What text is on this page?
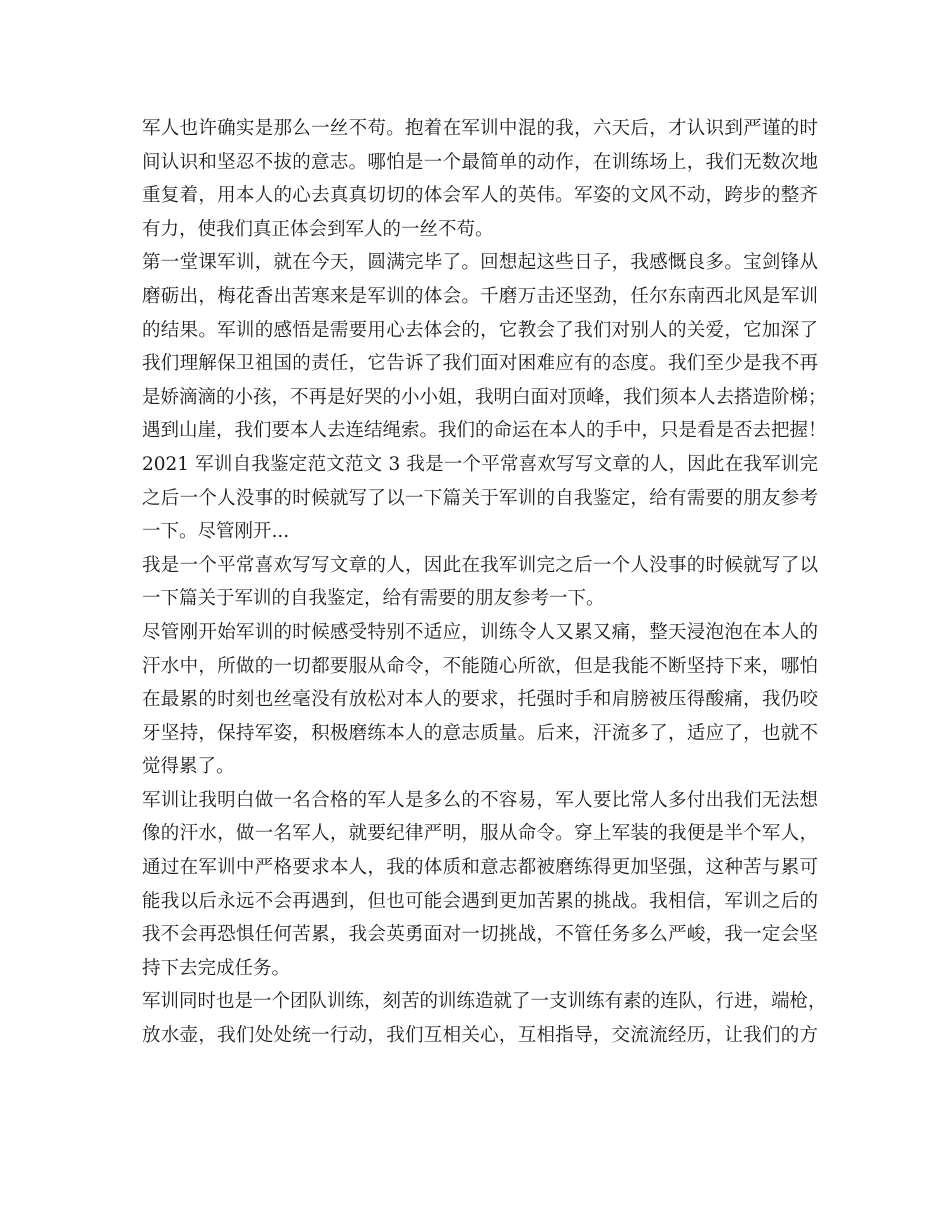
军人也许确实是那么一丝不苟。抱着在军训中混的我，六天后，才认识到严谨的时
间认识和坚忍不拔的意志。哪怕是一个最简单的动作，在训练场上，我们无数次地
重复着，用本人的心去真真切切的体会军人的英伟。军姿的文风不动，跨步的整齐
有力，使我们真正体会到军人的一丝不苟。
第一堂课军训，就在今天，圆满完毕了。回想起这些日子，我感慨良多。宝剑锋从
磨砺出，梅花香出苦寒来是军训的体会。千磨万击还坚劲，任尔东南西北风是军训
的结果。军训的感悟是需要用心去体会的，它教会了我们对别人的关爱，它加深了
我们理解保卫祖国的责任，它告诉了我们面对困难应有的态度。我们至少是我不再
是娇滴滴的小孩，不再是好哭的小小姐，我明白面对顶峰，我们须本人去搭造阶梯；
遇到山崖，我们要本人去连结绳索。我们的命运在本人的手中，只是看是否去把握！
2021 军训自我鉴定范文范文 3 我是一个平常喜欢写写文章的人，因此在我军训完
之后一个人没事的时候就写了以一下篇关于军训的自我鉴定，给有需要的朋友参考
一下。尽管刚开...
我是一个平常喜欢写写文章的人，因此在我军训完之后一个人没事的时候就写了以
一下篇关于军训的自我鉴定，给有需要的朋友参考一下。
尽管刚开始军训的时候感受特别不适应，训练令人又累又痛，整天浸泡泡在本人的
汗水中，所做的一切都要服从命令，不能随心所欲，但是我能不断坚持下来，哪怕
在最累的时刻也丝毫没有放松对本人的要求，托强时手和肩膀被压得酸痛，我仍咬
牙坚持，保持军姿，积极磨练本人的意志质量。后来，汗流多了，适应了，也就不
觉得累了。
军训让我明白做一名合格的军人是多么的不容易，军人要比常人多付出我们无法想
像的汗水，做一名军人，就要纪律严明，服从命令。穿上军装的我便是半个军人，
通过在军训中严格要求本人，我的体质和意志都被磨练得更加坚强，这种苦与累可
能我以后永远不会再遇到，但也可能会遇到更加苦累的挑战。我相信，军训之后的
我不会再恐惧任何苦累，我会英勇面对一切挑战，不管任务多么严峻，我一定会坚
持下去完成任务。
军训同时也是一个团队训练，刻苦的训练造就了一支训练有素的连队，行进，端枪，
放水壶，我们处处统一行动，我们互相关心，互相指导，交流流经历，让我们的方
